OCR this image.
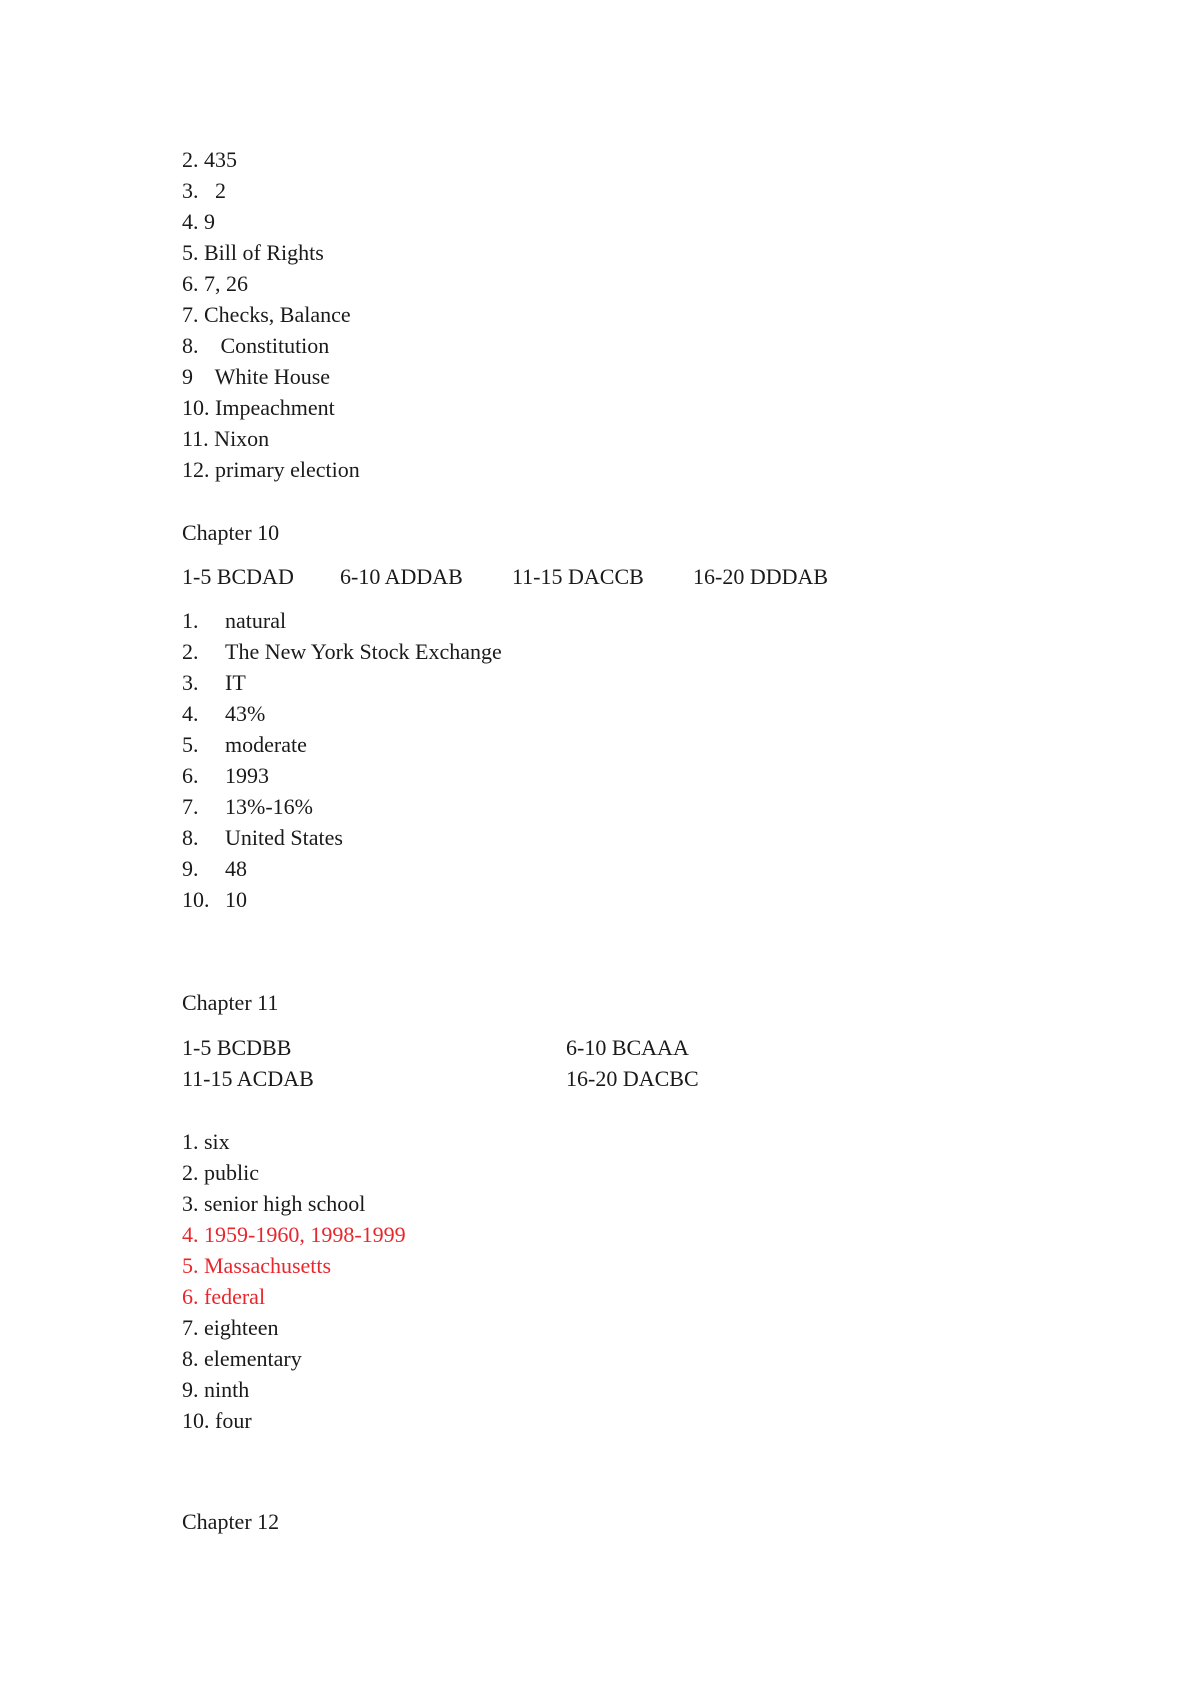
2. 435
3.   2
4. 9
5. Bill of Rights
6. 7, 26
7. Checks, Balance
8.    Constitution
9    White House
10. Impeachment
11. Nixon
12. primary election
Chapter 10
1-5 BCDAD 6-10 ADDAB 11-15 DACCB 16-20 DDDAB
1. natural
2. The New York Stock Exchange
3. IT
4. 43%
5. moderate
6. 1993
7. 13%-16%
8. United States
9. 48
10. 10
Chapter 11
1-5 BCDBB	6-10 BCAAA
11-15 ACDAB	16-20 DACBC
1. six
2. public
3. senior high school
4. 1959-1960, 1998-1999
5. Massachusetts
6. federal
7. eighteen
8. elementary
9. ninth
10. four
Chapter 12
